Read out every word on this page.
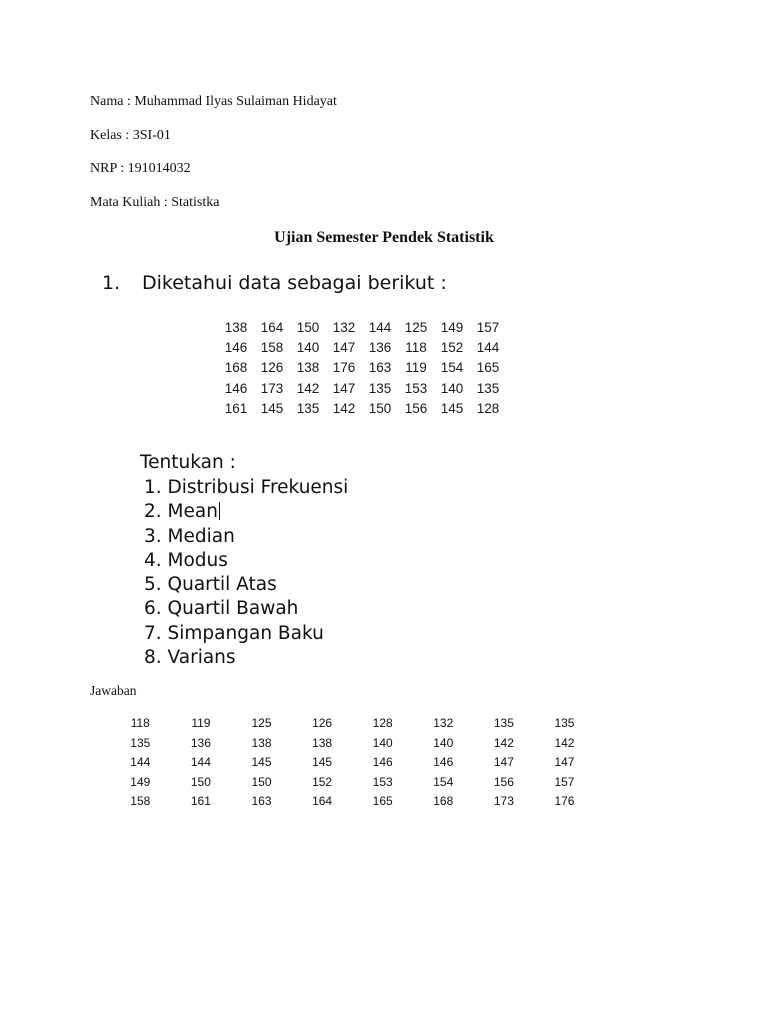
Nama : Muhammad Ilyas Sulaiman Hidayat
Kelas : 3SI-01
NRP : 191014032
Mata Kuliah : Statistka
Ujian Semester Pendek Statistik
1. Diketahui data sebagai berikut :
138 164 150 132 144 125 149 157
146 158 140 147 136	118	152 144
168 126 138 176 163	119	154 165
146 173 142 147 135 153 140 135
161 145 135 142 150 156 145 128
Tentukan :
1. Distribusi Frekuensi
2. Mean
3. Median
4. Modus
5. Quartil Atas
6. Quartil Bawah
7. Simpangan Baku
8. Varians
Jawaban
118	119	125	126	128	132	135	135
135	136	138	138	140	140	142	142
144	144	145	145	146	146	147	147
149	150	150	152	153	154	156	157
158	161	163	164	165	168	173	176
